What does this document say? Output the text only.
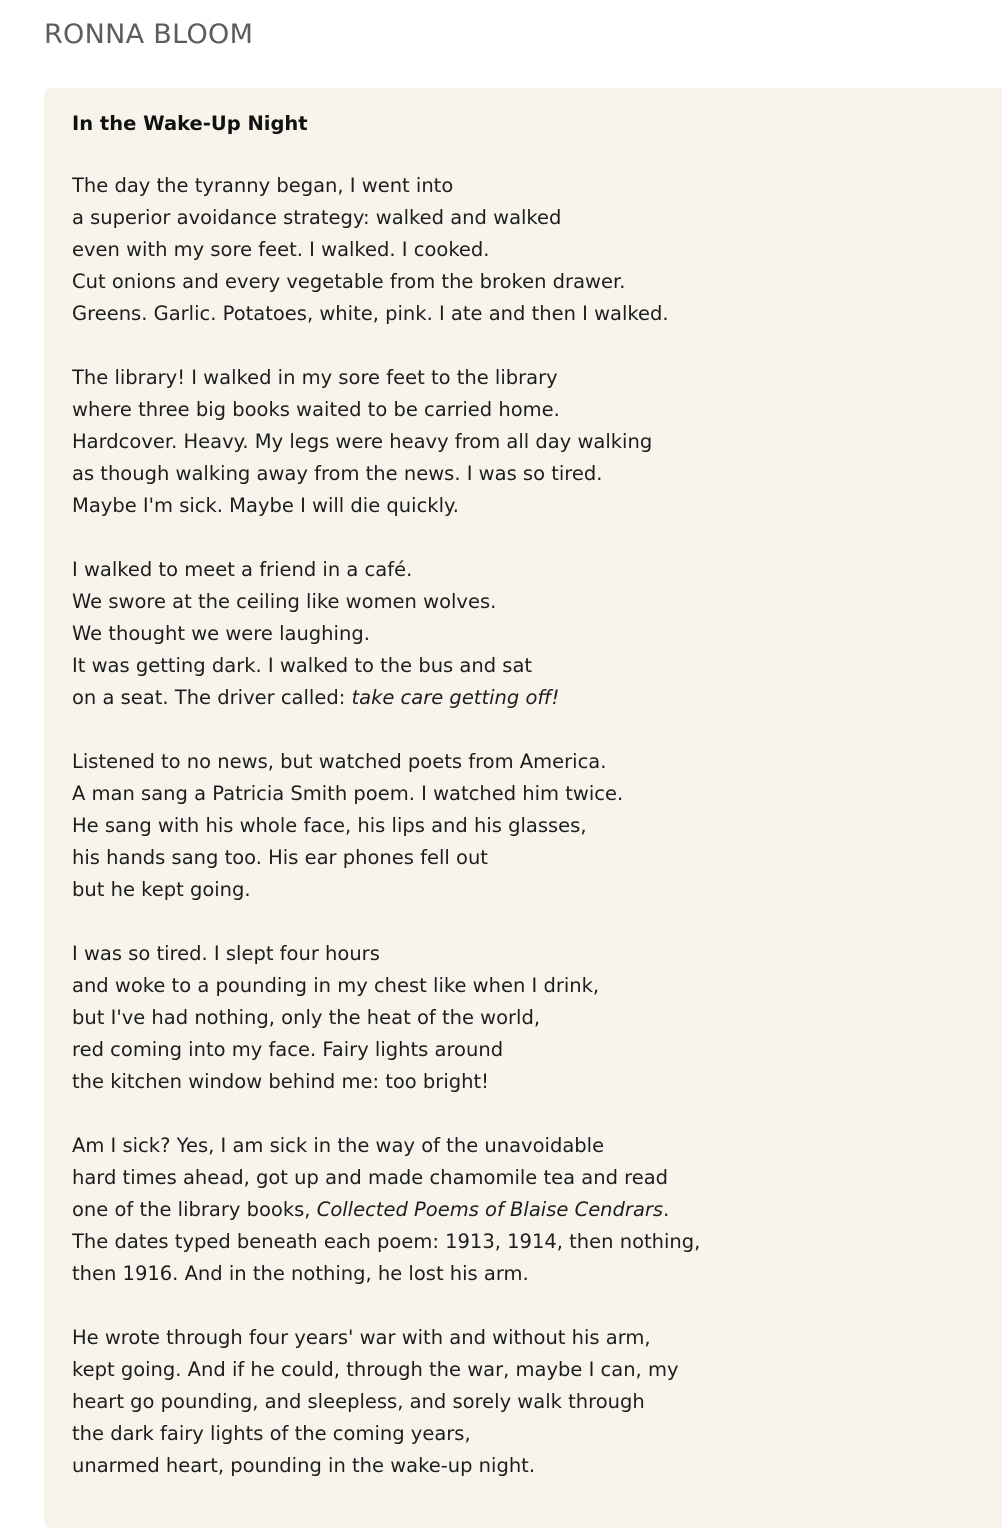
RONNA BLOOM
In the Wake-Up Night
The day the tyranny began, I went into
a superior avoidance strategy: walked and walked
even with my sore feet. I walked. I cooked.
Cut onions and every vegetable from the broken drawer.
Greens. Garlic. Potatoes, white, pink. I ate and then I walked.
The library! I walked in my sore feet to the library
where three big books waited to be carried home.
Hardcover. Heavy. My legs were heavy from all day walking
as though walking away from the news. I was so tired.
Maybe I'm sick. Maybe I will die quickly.
I walked to meet a friend in a café.
We swore at the ceiling like women wolves.
We thought we were laughing.
It was getting dark. I walked to the bus and sat
on a seat. The driver called: take care getting off!
Listened to no news, but watched poets from America.
A man sang a Patricia Smith poem. I watched him twice.
He sang with his whole face, his lips and his glasses,
his hands sang too. His ear phones fell out
but he kept going.
I was so tired. I slept four hours
and woke to a pounding in my chest like when I drink,
but I've had nothing, only the heat of the world,
red coming into my face. Fairy lights around
the kitchen window behind me: too bright!
Am I sick? Yes, I am sick in the way of the unavoidable
hard times ahead, got up and made chamomile tea and read
one of the library books, Collected Poems of Blaise Cendrars.
The dates typed beneath each poem: 1913, 1914, then nothing,
then 1916. And in the nothing, he lost his arm.
He wrote through four years' war with and without his arm,
kept going. And if he could, through the war, maybe I can, my
heart go pounding, and sleepless, and sorely walk through
the dark fairy lights of the coming years,
unarmed heart, pounding in the wake-up night.
